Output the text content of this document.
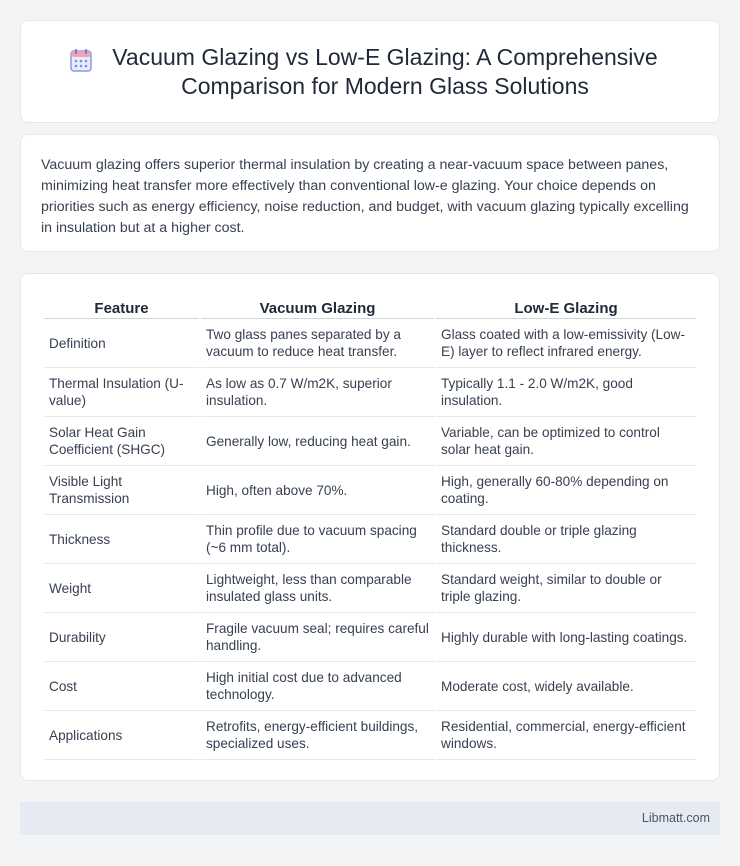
Vacuum Glazing vs Low-E Glazing: A Comprehensive Comparison for Modern Glass Solutions

Vacuum glazing offers superior thermal insulation by creating a near-vacuum space between panes, minimizing heat transfer more effectively than conventional low-e glazing. Your choice depends on priorities such as energy efficiency, noise reduction, and budget, with vacuum glazing typically excelling in insulation but at a higher cost.

Feature	Vacuum Glazing	Low-E Glazing
Definition	Two glass panes separated by a vacuum to reduce heat transfer.	Glass coated with a low-emissivity (Low-E) layer to reflect infrared energy.
Thermal Insulation (U-value)	As low as 0.7 W/m2K, superior insulation.	Typically 1.1 - 2.0 W/m2K, good insulation.
Solar Heat Gain Coefficient (SHGC)	Generally low, reducing heat gain.	Variable, can be optimized to control solar heat gain.
Visible Light Transmission	High, often above 70%.	High, generally 60-80% depending on coating.
Thickness	Thin profile due to vacuum spacing (~6 mm total).	Standard double or triple glazing thickness.
Weight	Lightweight, less than comparable insulated glass units.	Standard weight, similar to double or triple glazing.
Durability	Fragile vacuum seal; requires careful handling.	Highly durable with long-lasting coatings.
Cost	High initial cost due to advanced technology.	Moderate cost, widely available.
Applications	Retrofits, energy-efficient buildings, specialized uses.	Residential, commercial, energy-efficient windows.
Libmatt.com
